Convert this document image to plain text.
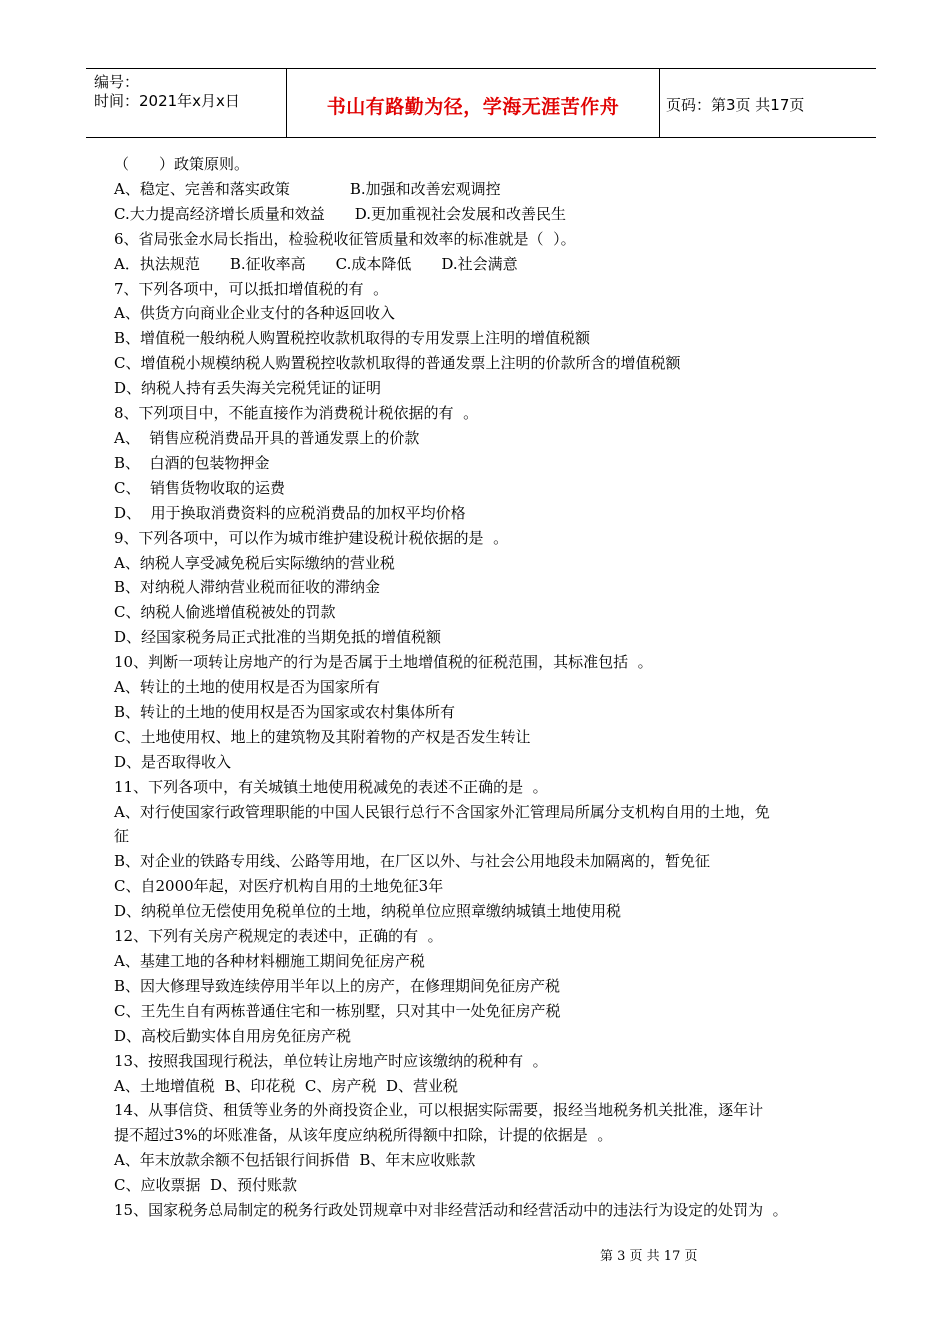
编号：
时间：2021年x月x日	书山有路勤为径，学海无涯苦作舟	页码：第3页 共17页
（　　）政策原则。
A、稳定、完善和落实政策　　　　B.加强和改善宏观调控
C.大力提高经济增长质量和效益　　D.更加重视社会发展和改善民生
6、省局张金水局长指出，检验税收征管质量和效率的标准就是（  ）。
A．执法规范　　B.征收率高　　C.成本降低　　D.社会满意
7、下列各项中，可以抵扣增值税的有  。
A、供货方向商业企业支付的各种返回收入
B、增值税一般纳税人购置税控收款机取得的专用发票上注明的增值税额
C、增值税小规模纳税人购置税控收款机取得的普通发票上注明的价款所含的增值税额
D、纳税人持有丢失海关完税凭证的证明
8、下列项目中，不能直接作为消费税计税依据的有  。
A、  销售应税消费品开具的普通发票上的价款
B、  白酒的包装物押金
C、  销售货物收取的运费
D、  用于换取消费资料的应税消费品的加权平均价格
9、下列各项中，可以作为城市维护建设税计税依据的是  。
A、纳税人享受减免税后实际缴纳的营业税
B、对纳税人滞纳营业税而征收的滞纳金
C、纳税人偷逃增值税被处的罚款
D、经国家税务局正式批准的当期免抵的增值税额
10、判断一项转让房地产的行为是否属于土地增值税的征税范围，其标准包括  。
A、转让的土地的使用权是否为国家所有
B、转让的土地的使用权是否为国家或农村集体所有
C、土地使用权、地上的建筑物及其附着物的产权是否发生转让
D、是否取得收入
11、下列各项中，有关城镇土地使用税减免的表述不正确的是  。
A、对行使国家行政管理职能的中国人民银行总行不含国家外汇管理局所属分支机构自用的土地，免
征
B、对企业的铁路专用线、公路等用地，在厂区以外、与社会公用地段未加隔离的，暂免征
C、自2000年起，对医疗机构自用的土地免征3年
D、纳税单位无偿使用免税单位的土地，纳税单位应照章缴纳城镇土地使用税
12、下列有关房产税规定的表述中，正确的有  。
A、基建工地的各种材料棚施工期间免征房产税
B、因大修理导致连续停用半年以上的房产，在修理期间免征房产税
C、王先生自有两栋普通住宅和一栋别墅，只对其中一处免征房产税
D、高校后勤实体自用房免征房产税
13、按照我国现行税法，单位转让房地产时应该缴纳的税种有  。
A、土地增值税  B、印花税  C、房产税  D、营业税
14、从事信贷、租赁等业务的外商投资企业，可以根据实际需要，报经当地税务机关批准，逐年计
提不超过3%的坏账准备，从该年度应纳税所得额中扣除，计提的依据是  。
A、年末放款余额不包括银行间拆借  B、年末应收账款
C、应收票据  D、预付账款
15、国家税务总局制定的税务行政处罚规章中对非经营活动和经营活动中的违法行为设定的处罚为  。
第 3 页 共 17 页
